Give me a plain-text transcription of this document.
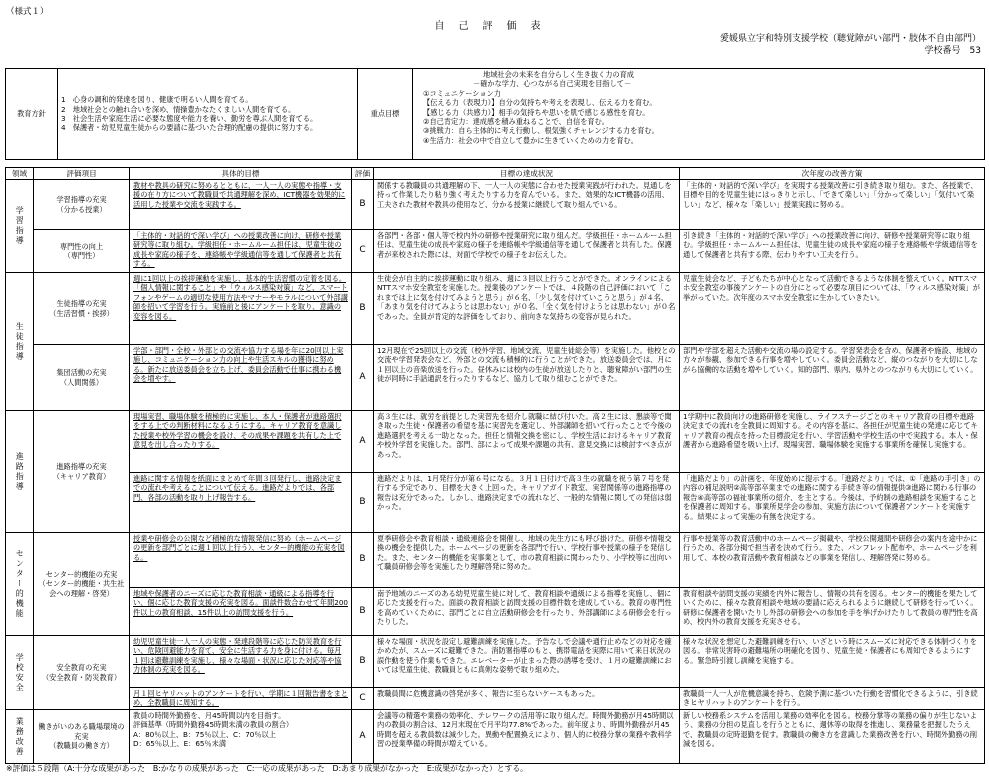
（様式１）
自己評価表
愛媛県立宇和特別支援学校（聴覚障がい部門・肢体不自由部門）
学校番号　53
教育方針	
1　心身の調和的発達を図り、健康で明るい人間を育てる。
2　地域社会との触れ合いを深め、情操豊かなたくましい人間を育てる。
3　社会生活や家庭生活に必要な態度や能力を養い、勤労を尊ぶ人間を育てる。
4　保護者・幼児児童生徒からの要請に基づいた合理的配慮の提供に努力する。
	重点目標	
地域社会の未来を自分らしく生き抜く力の育成
－確かな学力、心つながる自己実現を目指して－
①コミュニケーション力
【伝える力（表現力）】自分の気持ちや考えを表現し、伝える力を育む。
【感じる力（共感力）】相手の気持ちや思いを肌で感じる感性を育む。
②自己肯定力：達成感を積み重ねることで、自信を育む。
③挑戦力：自ら主体的に考え行動し、根気強くチャレンジする力を育む。
④生活力：社会の中で自立して豊かに生きていくための力を育む。
領域	評価項目	具体的目標	評価	目標の達成状況	次年度の改善方策
学習指導	学習指導の充実
（分かる授業）	教材や教具の研究に努めるとともに、一人一人の実態や指導・支援の在り方について教職員で共通理解を深め、ICT機器を効果的に活用した授業や交流を実践する。	B	関係する教職員の共通理解の下、一人一人の実態に合わせた授業実践が行われた。見通しを持って作業したり粘り強く考えたりする力を育んでいる。また、効果的なICT機器の活用、工夫された教材や教具の使用など、分かる授業に継続して取り組んでいる。	「主体的・対話的で深い学び」を実現する授業改善に引き続き取り組む。また、各授業で、目標や目的を児童生徒にはっきりと示し、「できて楽しい」「分かって楽しい」「気付いて楽しい」など、様々な「楽しい」授業実践に努める。
	専門性の向上
（専門性）	「主体的・対話的で深い学び」への授業改善に向け、研修や授業研究等に取り組む。学級担任・ホームルーム担任は、児童生徒の成長や家庭の様子を、連絡帳や学級通信等を通して保護者と共有する。	C	各部門・各部・個人等で校内外の研修や授業研究に取り組んだ。学級担任・ホームルーム担任は、児童生徒の成長や家庭の様子を連絡帳や学級通信等を通して保護者と共有した。保護者が来校された際には、対面で学校での様子をお伝えした。	引き続き「主体的・対話的で深い学び」への授業改善に向け、研修や授業研究等に取り組む。学級担任・ホームルーム担任は、児童生徒の成長や家庭の様子を連絡帳や学級通信等を通して保護者と共有する際、伝わりやすい工夫を行う。
生徒指導	生徒指導の充実
（生活習慣・挨拶）	週に1回以上の挨拶運動を実施し、基本的生活習慣の定着を図る。「個人情報に関すること」や「ウィルス感染対策」など、スマートフォンやゲームの適切な使用方法やマナーやモラルについて外部講師を招いて学習を行う。実施前と後にアンケートを取り、意識の変容を図る。	B	生徒会が自主的に挨拶運動に取り組み、週に３回以上行うことができた。オンラインによるNTTスマホ安全教室を実施した。授業後のアンケートでは、４段階の自己評価において「これまでは上に気を付けてみようと思う」が６名、「少し気を付けていこうと思う」が４名、「あまり気を付けてみようとは思わない」が０名、「全く気を付けようとは思わない」が０名であった。全員が肯定的な評価をしており、前向きな気持ちの変容が見られた。	児童生徒会など、子どもたちが中心となって活動できるような体制を整えていく。NTTスマホ安全教室の事後アンケートの自分にとって必要な項目については、「ウィルス感染対策」が挙がっていた。次年度のスマホ安全教室に生かしていきたい。
	集団活動の充実
（人間関係）	学部・部門・全校・外部との交流や協力する場を年に20回以上実施し、コミュニケーション力の向上や生活スキルの獲得に努める。新たに放送委員会を立ち上げ、委員会活動で仕事に携わる機会を増やす。	A	12月現在で25回以上の交流（校外学習、地域交流、児童生徒総会等）を実施した。他校との交流や学習発表会など、外部との交流も積極的に行うことができた。放送委員会では、月に１回以上の音楽放送を行った。昼休みには校内の生徒が放送したりと、聴覚障がい部門の生徒が同時に手話通訳を行ったりするなど、協力して取り組むことができた。	部門や学部を超えた活動や交流の場の設定する。学習発表会を含め、保護者や施設、地域の方々が参観、参加できる行事を増やしていく。委員会活動など、縦のつながりを大切にしながら協働的な活動を増やしていく。知的部門、県内、県外とのつながりも大切にしていく。
進路指導	進路指導の充実
（キャリア教育）	現場実習、職場体験を積極的に実施し、本人・保護者が進路選択をする上での判断材料になるようにする。キャリア教育を意識した授業や校外学習の機会を設け、その成果や課題を共有した上で意見を出し合ったりする。	A	高３生には、就労を前提とした実習先を紹介し就職に結び付いた。高２生には、懇談等で聞き取った生徒・保護者の希望を基に実習先を選定し、外部講師を招いて行ったことで今後の進路選択を考える一助となった。担任と情報交換を密にし、学校生活におけるキャリア教育や校外学習を実施した。部門、部によって成果や課題の共有、意見交換には検討すべき点があった。	1学期中に教員向けの進路研修を実施し、ライフステージごとのキャリア教育の目標や進路決定までの流れを全教員に周知する。その内容を基に、各担任が児童生徒の発達に応じてキャリア教育の視点を持った目標設定を行い、学習活動や学校生活の中で実践する。本人・保護者から進路希望を吸い上げ、現場実習、職場体験を実施する事業所を確保し実施する。
		進路に関する情報を紙面にまとめて年間３回発行し、進路決定までの流れや考えることについて伝える。進路だよりでは、各部門、各部の活動を取り上げ報告する。	B	進路だよりは、1月発行分が第６号になる。３月１日付けで高３生の就職を祝う第７号を発行する予定であり、目標を大きく上回った。キャリアガイド教室、実習関係等の進路指導の報告は充分であった。しかし、進路決定までの流れなど、一般的な情報に関しての発信は弱かった。	「進路だより」の計画を、年度始めに提示する。「進路だより」では、①「進路の手引き」の内容の補足説明②高等部卒業までの進路に関する手続き等の情報提供③進路に関わる行事の報告④高等部の福祉事業所の紹介、を主とする。今後は、予約制の進路相談を実施することを保護者に周知する。事業所見学会の参加、実施方法について保護者アンケートを実施する。結果によって実施の有無を決定する。
センター的機能	センター的機能の充実
（センター的機能・共生社会への理解・啓発）	授業や研修会の公開など積極的な情報発信に努め（ホームページの更新を部門ごとに週１回以上行う）、センター的機能の充実を図る。	B	夏季研修会や教育相談・通級連絡会を開催し、地域の先生方にも呼び掛けた。研修や情報交換の機会を提供した。ホームページの更新を各部門で行い、学校行事や授業の様子を発信した。また、センター的機能を実事業として、市の教育相談に関わったり、小学校等に出向いて職員研修会等を実施したり理解啓発に努めた。	行事や授業等の教育活動中のホームページ掲載や、学校公開週間や研修会の案内を途中かに行うため、各部分掲で担当者を決めて行う。また、パンフレット配布や、ホームページを利用して、本校の教育活動や教育相談などの事業を発信し、理解啓発に努める。
		地域や保護者のニーズに応じた教育相談・通級による指導を行い、個に応じた教育支援の充実を図る。面談件数合わせて年間200件以上の教育相談、15件以上の訪問支援を行う。	B	南予地域のニーズのある幼児児童生徒に対して、教育相談や通級による指導を実施し、個に応じた支援を行った。面談の教育相談と訪問支援の目標件数を達成している。教育の専門性を高めていくために、部門ごとに自立活動研修会を行ったり、外部講師による研修会を行ったりした。	教育相談や訪問支援の実績を内外に報告し、情報の共有を図る。センター的機能を果たしていくために、様々な教育相談や地域の要請に応えられるように継続して研修を行っていく。研修に保護者を開いたりし外部の研修会への参加を手を挙げかけたりして教員の専門性を高め、校内外の教育支援を充実させる。
学校安全	安全教育の充実
（安全教育・防災教育）	幼児児童生徒一人一人の実態・発達段階等に応じた防災教育を行い、危険回避能力を育て、安全に生活する力を身に付ける。毎月１回は避難訓練を実施し、様々な場面・状況に応じた対応等や協力体制の充実を図る。	B	様々な場面・状況を設定し避難訓練を実施した。予告なしで会議や通行止めなどの対応を確かめたが、スムーズに避難できた。消防署指導のもと、携帯電話を実際に用いて来日状況の誤作動を使う作業もできた。エレベーターが止まった際の誘導を受け、１月の避難訓練においては児童生徒、教職員ともに真剣な姿勢で取り組めた。	様々な状況を想定した避難訓練を行い、いざという時にスムーズに対応できる体制づくりを図る。非常災害時の避難場所の明確化を図り、児童生徒・保護者にも周知できるようにする。緊急時引渡し訓練を実施する。
		月１回ヒヤリハットのアンケートを行い、学期に１回報告書をまとめ、全教職員に周知する。	C	教職員間に危機意識の啓発が多く、報告に至らないケースもあった。	教職員一人一人が危機意識を持ち、危険予測に基づいた行動を習慣化できるように、引き続きヒヤリハットのアンケートを行う。
業務改善	働きがいのある職場環境の充実
（教職員の働き方）	教員の時間外勤務を、月45時間以内を目指す。
評価基準（時間外勤務45時間未満の教員の割合）
A：80％以上、B：75％以上、C：70％以上
D：65％以上、E：65％未満	A	会議等の精選や業務の効率化、テレワークの活用等に取り組んだ。時間外勤務が月45時間以内の教員の割合は、12月末現在で月平均77.8%であった。前年度より、時間外勤務が月45時間を超える教員数は減少した。異動や配置換えにより、個人的に校務分掌の業務や教科学習の授業準備の時間が増えている。	新しい校務系システムを活用し業務の効率化を図る。校務分掌等の業務の偏りが生じないよう、業務の分担の見直しを行うとともに、週休等の取得を推進し、業務量を把握したうえで、教職員の定時退勤を促す。教職員の働き方を意識した業務改善を行い、時間外勤務の削減を図る。
※評価は５段階（A:十分な成果があった　B:かなりの成果があった　C:一応の成果があった　D:あまり成果がなかった　E:成果がなかった）とする。
